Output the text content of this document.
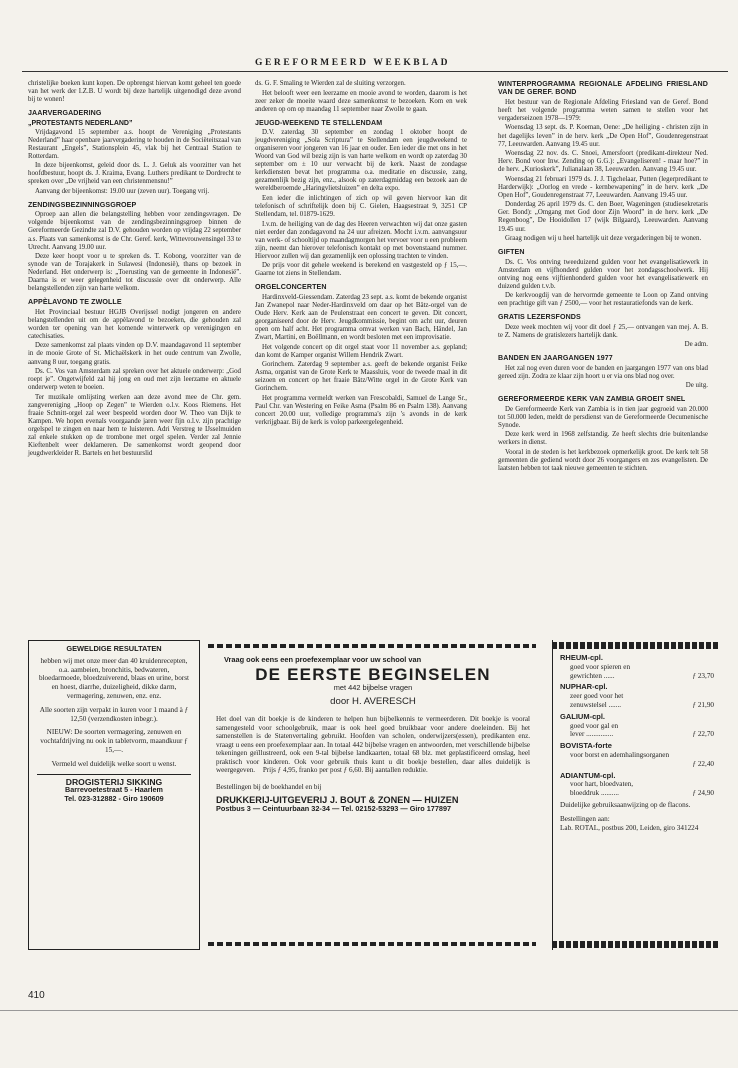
GEREFORMEERD WEEKBLAD

christelijke boeken kunt kopen. De opbrengst hiervan komt geheel ten goede van het werk der I.Z.B. U wordt bij deze hartelijk uitgenodigd deze avond bij te wonen!

JAARVERGADERING
„PROTESTANTS NEDERLAND”

Vrijdagavond 15 september a.s. hoopt de Vereniging „Protestants Nederland” haar openbare jaarvergadering te houden in de Sociëteitszaal van Restaurant „Engels”, Stationsplein 45, vlak bij het Centraal Station te Rotterdam.

In deze bijeenkomst, geleid door ds. L. J. Geluk als voorzitter van het hoofdbestuur, hoopt ds. J. Kraima, Evang. Luthers predikant te Dordrecht te spreken over „De vrijheid van een christenmensnu!”

Aanvang der bijeenkomst: 19.00 uur (zeven uur). Toegang vrij.

ZENDINGSBEZINNINGSGROEP

Oproep aan allen die belangstelling hebben voor zendingsvragen. De volgende bijeenkomst van de zendingsbezinningsgroep binnen de Gereformeerde Gezindte zal D.V. gehouden worden op vrijdag 22 september a.s. Plaats van samenkomst is de Chr. Geref. kerk, Wittevrouwensingel 33 te Utrecht. Aanvang 19.00 uur.

Deze keer hoopt voor u te spreken ds. T. Kobong, voorzitter van de synode van de Torajakerk in Sulawesi (Indonesië), thans op bezoek in Nederland. Het onderwerp is: „Toerusting van de gemeente in Indonesië”. Daarna is er weer gelegenheid tot discussie over dit onderwerp. Alle belangstellenden zijn van harte welkom.

APPÈLAVOND TE ZWOLLE

Het Provinciaal bestuur HGJB Overijssel nodigt jongeren en andere belangstellenden uit om de appèlavond te bezoeken, die gehouden zal worden ter opening van het komende winterwerk op verenigingen en catechisaties.

Deze samenkomst zal plaats vinden op D.V. maandagavond 11 september in de mooie Grote of St. Michaëlskerk in het oude centrum van Zwolle, aanvang 8 uur, toegang gratis.

Ds. C. Vos van Amsterdam zal spreken over het aktuele onderwerp: „God roept je”. Ongetwijfeld zal hij jong en oud met zijn leerzame en aktuele onderwerp weten te boeien.

Ter muzikale omlijsting werken aan deze avond mee de Chr. gem. zangvereniging „Hoop op Zegen” te Wierden o.l.v. Koos Riemens. Het fraaie Schnitt-orgel zal weer bespeeld worden door W. Theo van Dijk te Kampen. We hopen evenals voorgaande jaren weer fijn o.l.v. zijn prachtige orgelspel te zingen en naar hem te luisteren. Adri Verstreg te IJsselmuiden zal enkele stukken op de trombone met orgel spelen. Verder zal Jennie Kieftenbelt weer deklameren. De samenkomst wordt geopend door jeugdwerkleider R. Bartels en het bestuurslid

ds. G. F. Smaling te Wierden zal de sluiting verzorgen.

Het belooft weer een leerzame en mooie avond te worden, daarom is het zeer zeker de moeite waard deze samenkomst te bezoeken. Kom en wek anderen op om op maandag 11 september naar Zwolle te gaan.

JEUGD-WEEKEND TE STELLENDAM

D.V. zaterdag 30 september en zondag 1 oktober hoopt de jeugdvereniging „Sola Scriptura” te Stellendam een jeugdweekend te organiseren voor jongeren van 16 jaar en ouder. Een ieder die met ons in het Woord van God wil bezig zijn is van harte welkom en wordt op zaterdag 30 september om ± 10 uur verwacht bij de kerk. Naast de zondagse kerkdiensten bevat het programma o.a. meditatie en discussie, zang, gezamenlijk bezig zijn, enz., alsook op zaterdagmiddag een bezoek aan de wereldberoemde „Haringvlietsluizen” en delta expo.

Een ieder die inlichtingen of zich op wil geven hiervoor kan dit telefonisch of schriftelijk doen bij C. Gielen, Haagsestraat 9, 3251 CP Stellendam, tel. 01879-1629.

I.v.m. de heiliging van de dag des Heeren verwachten wij dat onze gasten niet eerder dan zondagavond na 24 uur afreizen. Mocht i.v.m. aanvangsuur van werk- of schooltijd op maandagmorgen het vervoer voor u een probleem zijn, neemt dan hierover telefonisch kontakt op met bovenstaand nummer. Hiervoor zullen wij dan gezamenlijk een oplossing trachten te vinden.

De prijs voor dit gehele weekend is berekend en vastgesteld op ƒ 15,—. Gaarne tot ziens in Stellendam.

ORGELCONCERTEN

Hardinxveld-Giessendam. Zaterdag 23 sept. a.s. komt de bekende organist Jan Zwanepol naar Neder-Hardinxveld om daar op het Bätz-orgel van de Oude Herv. Kerk aan de Peulenstraat een concert te geven. Dit concert, georganiseerd door de Herv. Jeugdkommissie, begint om acht uur, deuren open om half acht. Het programma omvat werken van Bach, Händel, Jan Zwart, Martini, en Boëllmann, en wordt besloten met een improvisatie.

Het volgende concert op dit orgel staat voor 11 november a.s. gepland; dan komt de Kamper organist Willem Hendrik Zwart.

Gorinchem. Zaterdag 9 september a.s. geeft de bekende organist Feike Asma, organist van de Grote Kerk te Maassluis, voor de tweede maal in dit seizoen en concert op het fraaie Bätz/Witte orgel in de Grote Kerk van Gorinchem.

Het programma vermeldt werken van Frescobaldi, Samuel de Lange Sr., Paul Chr. van Westering en Feike Asma (Psalm 86 en Psalm 138). Aanvang concert 20.00 uur, volledige programma's zijn 's avonds in de kerk verkrijgbaar. Bij de kerk is volop parkeergelegenheid.

WINTERPROGRAMMA REGIONALE AFDELING FRIESLAND VAN DE GEREF. BOND

Het bestuur van de Regionale Afdeling Friesland van de Geref. Bond heeft het volgende programma weten samen te stellen voor het vergaderseizoen 1978—1979:

Woensdag 13 sept. ds. P. Koeman, Oene: „De heiliging - christen zijn in het dagelijks leven” in de herv. kerk „De Open Hof”, Goudenregenstraat 77, Leeuwarden. Aanvang 19.45 uur.

Woensdag 22 nov. ds. C. Snoei, Amersfoort (predikant-direkteur Ned. Herv. Bond voor Inw. Zending op G.G.): „Evangeliseren! - maar hoe?” in de herv. „Kurioskerk”, Julianalaan 38, Leeuwarden. Aanvang 19.45 uur.

Woensdag 21 februari 1979 ds. J. J. Tigchelaar, Putten (legerpredikant te Harderwijk): „Oorlog en vrede - kernbewapening” in de herv. kerk „De Open Hof”, Goudenregenstraat 77, Leeuwarden. Aanvang 19.45 uur.

Donderdag 26 april 1979 ds. C. den Boer, Wageningen (studiesekretaris Ger. Bond): „Omgang met God door Zijn Woord” in de herv. kerk „De Regenboog”, De Hooidollen 17 (wijk Bilgaard), Leeuwarden. Aanvang 19.45 uur.

Graag nodigen wij u heel hartelijk uit deze vergaderingen bij te wonen.

GIFTEN

Ds. C. Vos ontving tweeduizend gulden voor het evangelisatiewerk in Amsterdam en vijfhonderd gulden voor het zondagsschoolwerk. Hij ontving nog eens vijftienhonderd gulden voor het evangelisatiewerk en duizend gulden t.v.b.

De kerkvoogdij van de hervormde gemeente te Loon op Zand ontving een prachtige gift van ƒ 2500,— voor het restauratiefonds van de kerk.

GRATIS LEZERSFONDS

Deze week mochten wij voor dit doel ƒ 25,— ontvangen van mej. A. B. te Z. Namens de gratislezers hartelijk dank.

De adm.

BANDEN EN JAARGANGEN 1977

Het zal nog even duren voor de banden en jaargangen 1977 van ons blad gereed zijn. Zodra ze klaar zijn hoort u er via ons blad nog over.

De uitg.

GEREFORMEERDE KERK VAN ZAMBIA GROEIT SNEL

De Gereformeerde Kerk van Zambia is in tien jaar gegroeid van 20.000 tot 50.000 leden, meldt de persdienst van de Gereformeerde Oecumenische Synode.

Deze kerk werd in 1968 zelfstandig. Ze heeft slechts drie buitenlandse werkers in dienst.

Vooral in de steden is het kerkbezoek opmerkelijk groot. De kerk telt 58 gemeenten die gediend wordt door 26 voorgangers en zes evangelisten. De laatsten hebben tot taak nieuwe gemeenten te stichten.

GEWELDIGE RESULTATEN

hebben wij met onze meer dan 40 kruidenrecepten, o.a. aambeien, bronchitis, bedwateren, bloedarmoede, bloedzuiverend, blaas en urine, borst en hoest, diarrhe, duizeligheid, dikke darm, vermagering, zenuwen, enz. enz.

Alle soorten zijn verpakt in kuren voor 1 maand à ƒ 12,50 (verzendkosten inbegr.).

NIEUW: De soorten vermagering, zenuwen en vochtafdrijving nu ook in tabletvorm, maandkuur ƒ 15,—.

Vermeld wel duidelijk welke soort u wenst.

DROGISTERIJ SIKKING
Barrevoetestraat 5 - Haarlem
Tel. 023-312882 - Giro 190609
Vraag ook eens een proefexemplaar voor uw school van
DE EERSTE BEGINSELEN
met 442 bijbelse vragen
door H. AVERESCH
Het doel van dit boekje is de kinderen te helpen hun bijbelkennis te vermeerderen. Dit boekje is vooral samengesteld voor schoolgebruik, maar is ook heel goed bruikbaar voor andere doeleinden. Bij het samenstellen is de Statenvertaling gebruikt. Hoofden van scholen, onderwijzers(essen), predikanten enz. vraagt u eens een proefexemplaar aan. In totaal 442 bijbelse vragen en antwoorden, met verschillende bijbelse tekeningen geïllustreerd, ook een 9-tal bijbelse landkaarten, totaal 68 blz. met geplastificeerd omslag, heel praktisch voor kinderen. Ook voor gebruik thuis kunt u dit boekje bestellen, daar alles duidelijk is weergegeven. Prijs ƒ 4,95, franko per post ƒ 6,60. Bij aantallen reduktie.
Bestellingen bij de boekhandel en bij
DRUKKERIJ-UITGEVERIJ J. BOUT & ZONEN — HUIZEN
Postbus 3 — Ceintuurbaan 32-34 — Tel. 02152-53293 — Giro 177897
RHEUM-cpl.
goed voor spieren en
gewrichten ......	ƒ 23,70
NUPHAR-cpl.
zeer goed voor het
zenuwstelsel .......	ƒ 21,90
GALIUM-cpl.
goed voor gal en
lever ...............	ƒ 22,70
BOVISTA-forte
voor borst en ademhalingsorganen
ƒ 22,40
ADIANTUM-cpl.
voor hart, bloedvaten,
bloeddruk ..........	ƒ 24,90
Duidelijke gebruiksaanwijzing op de flacons.
Bestellingen aan:
Lab. ROTAL, postbus 200, Leiden, giro 341224
410
